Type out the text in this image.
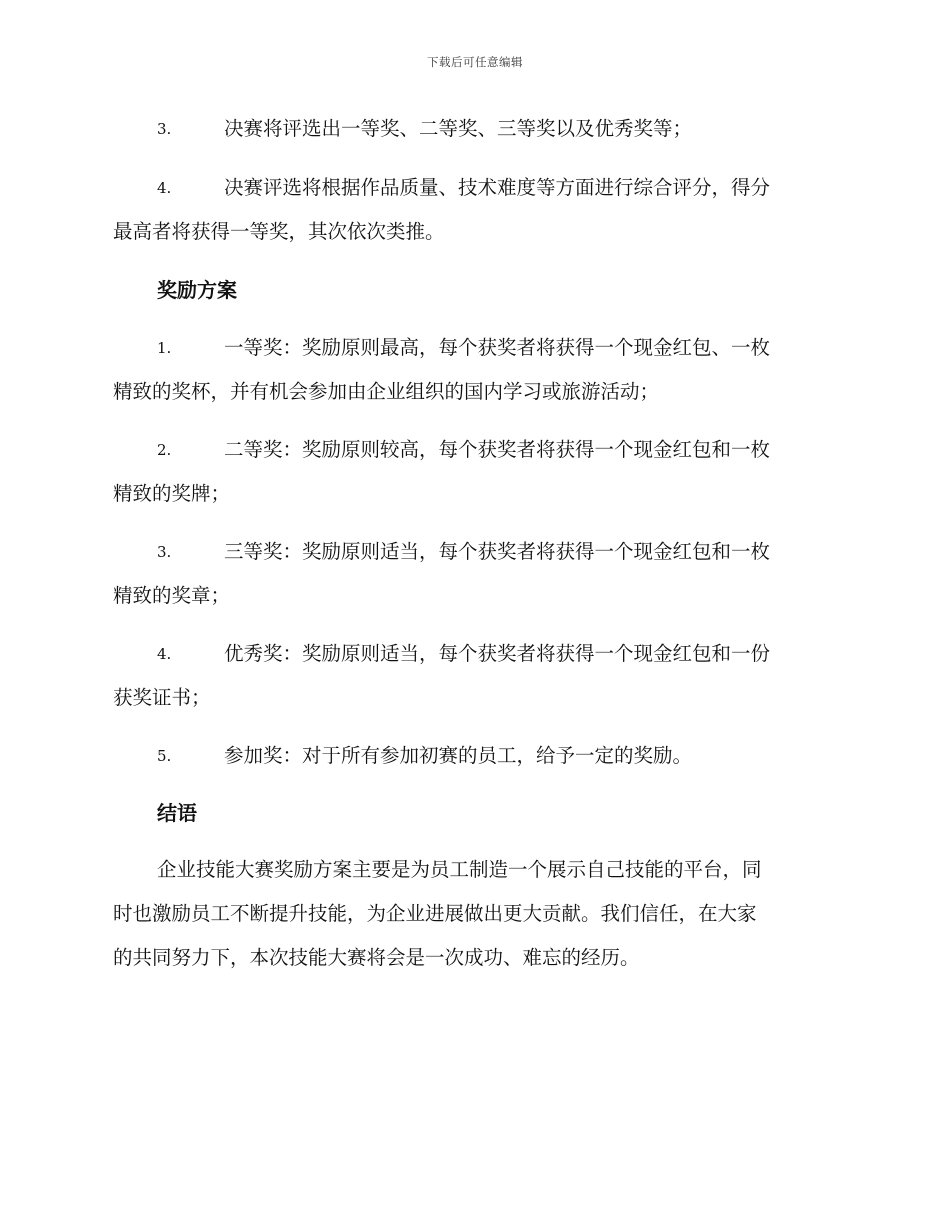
下载后可任意编辑
3.	决赛将评选出一等奖、二等奖、三等奖以及优秀奖等；
4.	决赛评选将根据作品质量、技术难度等方面进行综合评分，得分
最高者将获得一等奖，其次依次类推。
奖励方案
1.	一等奖：奖励原则最高，每个获奖者将获得一个现金红包、一枚
精致的奖杯，并有机会参加由企业组织的国内学习或旅游活动；
2.	二等奖：奖励原则较高，每个获奖者将获得一个现金红包和一枚
精致的奖牌；
3.	三等奖：奖励原则适当，每个获奖者将获得一个现金红包和一枚
精致的奖章；
4.	优秀奖：奖励原则适当，每个获奖者将获得一个现金红包和一份
获奖证书；
5.	参加奖：对于所有参加初赛的员工，给予一定的奖励。
结语
企业技能大赛奖励方案主要是为员工制造一个展示自己技能的平台，同
时也激励员工不断提升技能，为企业进展做出更大贡献。我们信任，在大家
的共同努力下，本次技能大赛将会是一次成功、难忘的经历。
